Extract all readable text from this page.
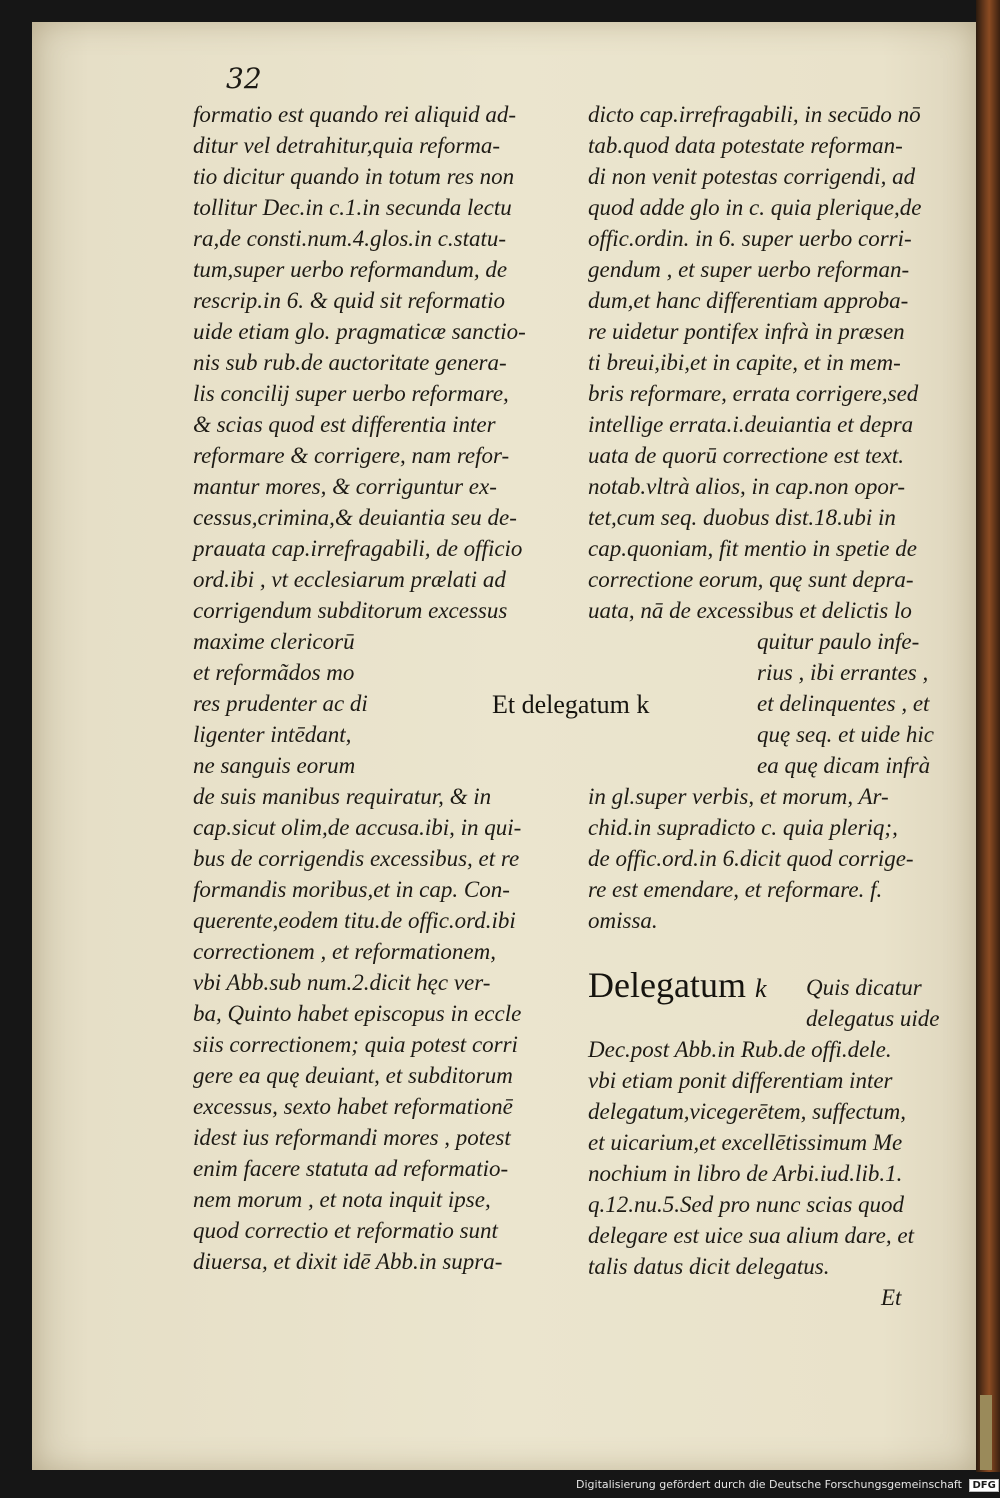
32
formatio est quando rei aliquid ad-
ditur vel detrahitur,quia reforma-
tio dicitur quando in totum res non
tollitur Dec.in c.1.in secunda lectu
ra,de consti.num.4.glos.in c.statu-
tum,super uerbo reformandum, de
rescrip.in 6. & quid sit reformatio
uide etiam glo. pragmaticæ sanctio-
nis sub rub.de auctoritate genera-
lis concilij super uerbo reformare,
& scias quod est differentia inter
reformare & corrigere, nam refor-
mantur mores, & corriguntur ex-
cessus,crimina,& deuiantia seu de-
prauata cap.irrefragabili, de officio
ord.ibi , vt ecclesiarum prælati ad
corrigendum subditorum excessus
maxime clericorū
et reformãdos mo
res prudenter ac di
ligenter intēdant,
ne sanguis eorum
de suis manibus requiratur, & in
cap.sicut olim,de accusa.ibi, in qui-
bus de corrigendis excessibus, et re
formandis moribus,et in cap. Con-
querente,eodem titu.de offic.ord.ibi
correctionem , et reformationem,
vbi Abb.sub num.2.dicit hęc ver-
ba, Quinto habet episcopus in eccle
siis correctionem; quia potest corri
gere ea quę deuiant, et subditorum
excessus, sexto habet reformationē
idest ius reformandi mores , potest
enim facere statuta ad reformatio-
nem morum , et nota inquit ipse,
quod correctio et reformatio sunt
diuersa, et dixit idē Abb.in supra-
dicto cap.irrefragabili, in secūdo nō
tab.quod data potestate reforman-
di non venit potestas corrigendi, ad
quod adde glo in c. quia plerique,de
offic.ordin. in 6. super uerbo corri-
gendum , et super uerbo reforman-
dum,et hanc differentiam approba-
re uidetur pontifex infrà in præsen
ti breui,ibi,et in capite, et in mem-
bris reformare, errata corrigere,sed
intellige errata.i.deuiantia et depra
uata de quorū correctione est text.
notab.vltrà alios, in cap.non opor-
tet,cum seq. duobus dist.18.ubi in
cap.quoniam, fit mentio in spetie de
correctione eorum, quę sunt depra-
uata, nā de excessibus et delictis lo
quitur paulo infe-
rius , ibi errantes ,
et delinquentes , et
quę seq. et uide hic
ea quę dicam infrà
in gl.super verbis, et morum, Ar-
chid.in supradicto c. quia pleriq;,
de offic.ord.in 6.dicit quod corrige-
re est emendare, et reformare. f.
omissa.
Quis dicatur
delegatus uide
Dec.post Abb.in Rub.de offi.dele.
vbi etiam ponit differentiam inter
delegatum,vicegerētem, suffectum,
et uicarium,et excellētissimum Me
nochium in libro de Arbi.iud.lib.1.
q.12.nu.5.Sed pro nunc scias quod
delegare est uice sua alium dare, et
talis datus dicit delegatus.
Et
Et delegatum k
Delegatum k
Digitalisierung gefördert durch die Deutsche Forschungsgemeinschaft DFG
